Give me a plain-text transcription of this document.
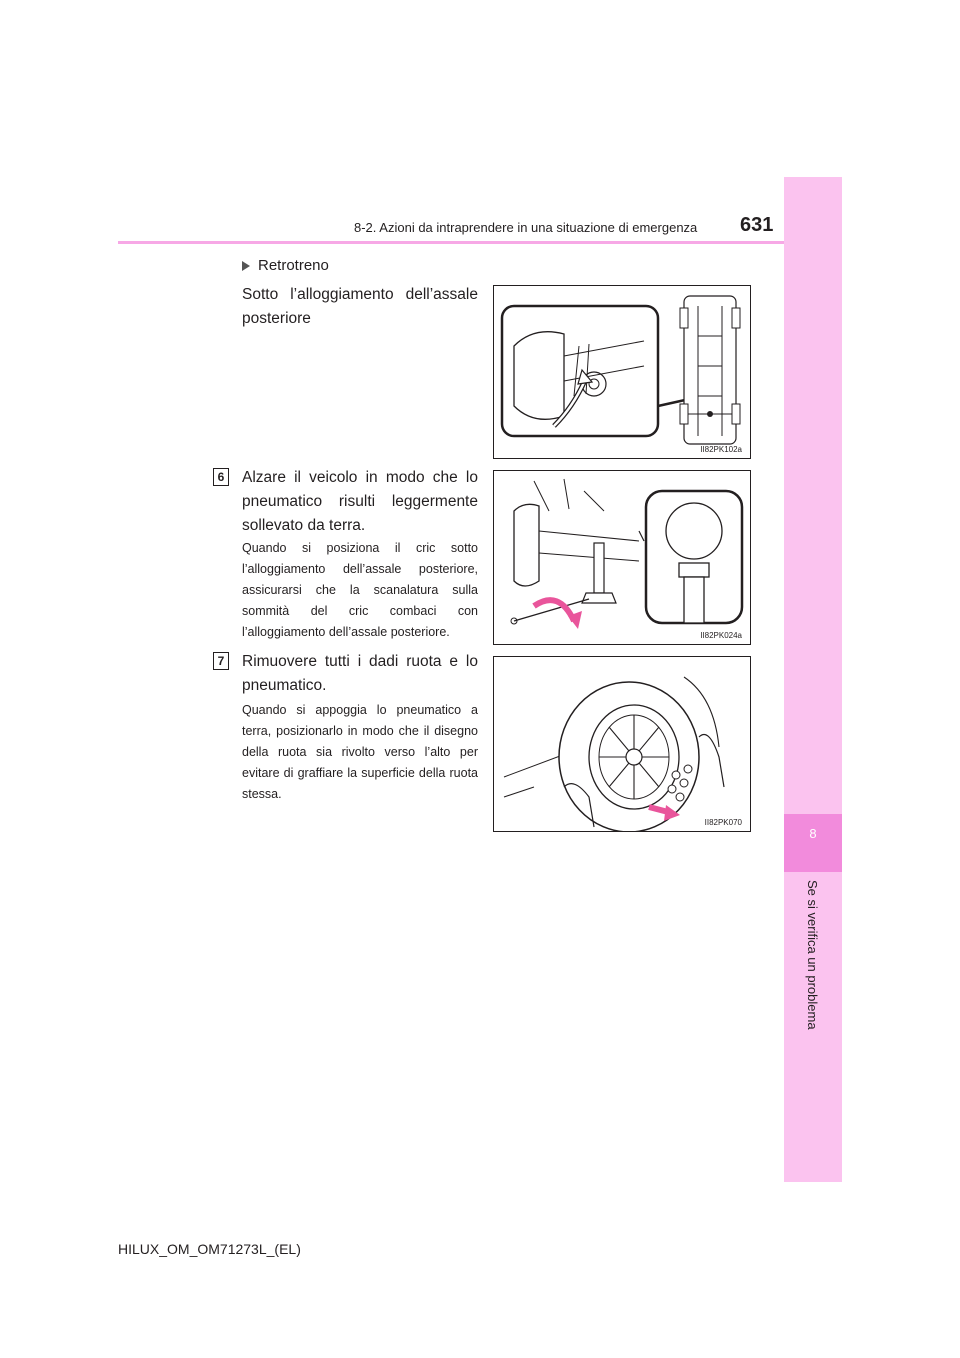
8
Se si verifica un problema
8-2. Azioni da intraprendere in una situazione di emergenza 631
Retrotreno
Sotto l’alloggiamento dell’assale posteriore
6	Alzare il veicolo in modo che lo pneumatico risulti leggermente sollevato da terra.
Quando si posiziona il cric sotto l’alloggiamento dell’assale posteriore, assicurarsi che la scanalatura sulla sommità del cric combaci con l’alloggiamento dell’assale posteriore.
7	Rimuovere tutti i dadi ruota e lo pneumatico.
Quando si appoggia lo pneumatico a terra, posizionarlo in modo che il disegno della ruota sia rivolto verso l’alto per evitare di graffiare la superficie della ruota stessa.
II82PK102a
II82PK024a
II82PK070
HILUX_OM_OM71273L_(EL)
